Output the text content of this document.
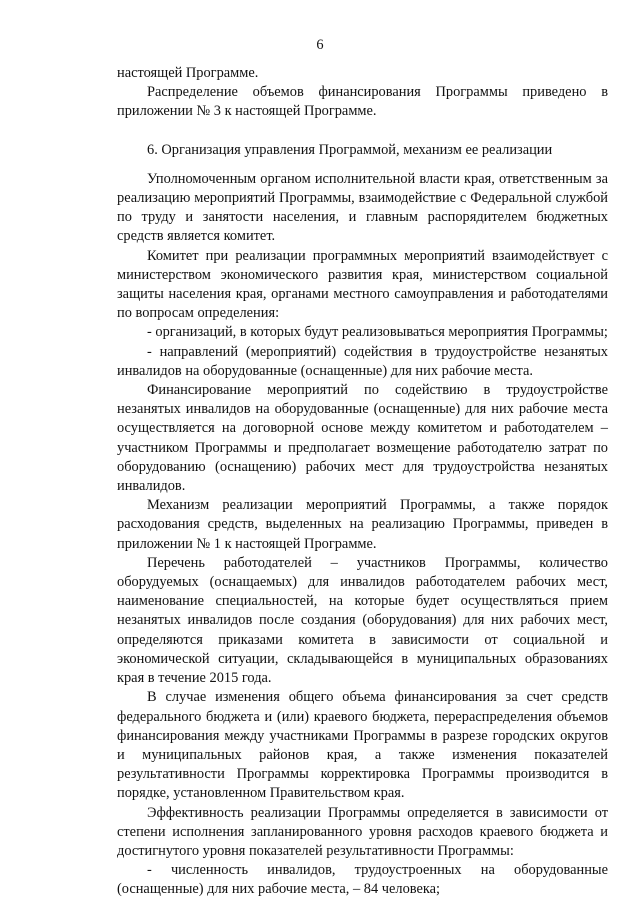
6

настоящей Программе.

Распределение объемов финансирования Программы приведено в приложении № 3 к настоящей Программе.

6. Организация управления Программой, механизм ее реализации

Уполномоченным органом исполнительной власти края, ответственным за реализацию мероприятий Программы, взаимодействие с Федеральной службой по труду и занятости населения, и главным распорядителем бюджетных средств является комитет.

Комитет при реализации программных мероприятий взаимодействует с министерством экономического развития края, министерством социальной защиты населения края, органами местного самоуправления и работодателями по вопросам определения:

- организаций, в которых будут реализовываться мероприятия Программы;

- направлений (мероприятий) содействия в трудоустройстве незанятых инвалидов на оборудованные (оснащенные) для них рабочие места.

Финансирование мероприятий по содействию в трудоустройстве незанятых инвалидов на оборудованные (оснащенные) для них рабочие места осуществляется на договорной основе между комитетом и работодателем – участником Программы и предполагает возмещение работодателю затрат по оборудованию (оснащению) рабочих мест для трудоустройства незанятых инвалидов.

Механизм реализации мероприятий Программы, а также порядок расходования средств, выделенных на реализацию Программы, приведен в приложении № 1 к настоящей Программе.

Перечень работодателей – участников Программы, количество оборудуемых (оснащаемых) для инвалидов работодателем рабочих мест, наименование специальностей, на которые будет осуществляться прием незанятых инвалидов после создания (оборудования) для них рабочих мест, определяются приказами комитета в зависимости от социальной и экономической ситуации, складывающейся в муниципальных образованиях края в течение 2015 года.

В случае изменения общего объема финансирования за счет средств федерального бюджета и (или) краевого бюджета, перераспределения объемов финансирования между участниками Программы в разрезе городских округов и муниципальных районов края, а также изменения показателей результативности Программы корректировка Программы производится в порядке, установленном Правительством края.

Эффективность реализации Программы определяется в зависимости от степени исполнения запланированного уровня расходов краевого бюджета и достигнутого уровня показателей результативности Программы:

- численность инвалидов, трудоустроенных на оборудованные (оснащенные) для них рабочие места, – 84 человека;
